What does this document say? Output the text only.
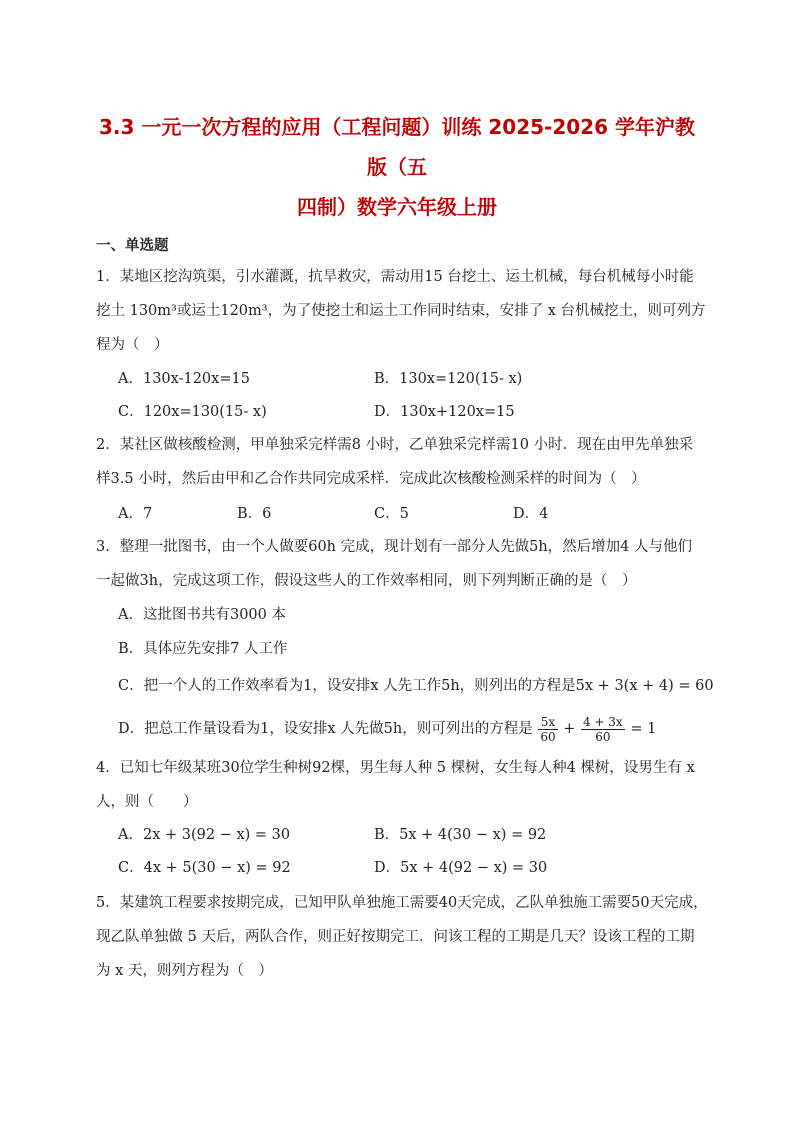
3.3 一元一次方程的应用（工程问题）训练 2025-2026 学年沪教版（五
四制）数学六年级上册
一、单选题
1．某地区挖沟筑渠，引水灌溉，抗旱救灾，需动用15 台挖土、运土机械，每台机械每小时能
挖土 130m³或运土120m³，为了使挖土和运土工作同时结束，安排了 x 台机械挖土，则可列方
程为（　）
A．130x-120x=15	B．130x=120(15- x)
C．120x=130(15- x)	D．130x+120x=15
2．某社区做核酸检测，甲单独采完样需8 小时，乙单独采完样需10 小时．现在由甲先单独采
样3.5 小时，然后由甲和乙合作共同完成采样．完成此次核酸检测采样的时间为（　）
A．7	B．6	C．5	D．4
3．整理一批图书，由一个人做要60h 完成，现计划有一部分人先做5h，然后增加4 人与他们
一起做3h，完成这项工作，假设这些人的工作效率相同，则下列判断正确的是（　）
A．这批图书共有3000 本
B．具体应先安排7 人工作
C．把一个人的工作效率看为1，设安排x 人先工作5h，则列出的方程是5x + 3(x + 4) = 60
D．把总工作量设看为1，设安排x 人先做5h，则可列出的方程是 $\frac{5x}{60} + \frac{4 + 3x}{60} = 1$
4．已知七年级某班30位学生种树92棵，男生每人种 5 棵树，女生每人种4 棵树，设男生有 x
人，则（　　）
A．2x + 3(92 − x) = 30	B．5x + 4(30 − x) = 92
C．4x + 5(30 − x) = 92	D．5x + 4(92 − x) = 30
5．某建筑工程要求按期完成，已知甲队单独施工需要40天完成，乙队单独施工需要50天完成，
现乙队单独做 5 天后，两队合作，则正好按期完工．问该工程的工期是几天？设该工程的工期
为 x 天，则列方程为（　）
